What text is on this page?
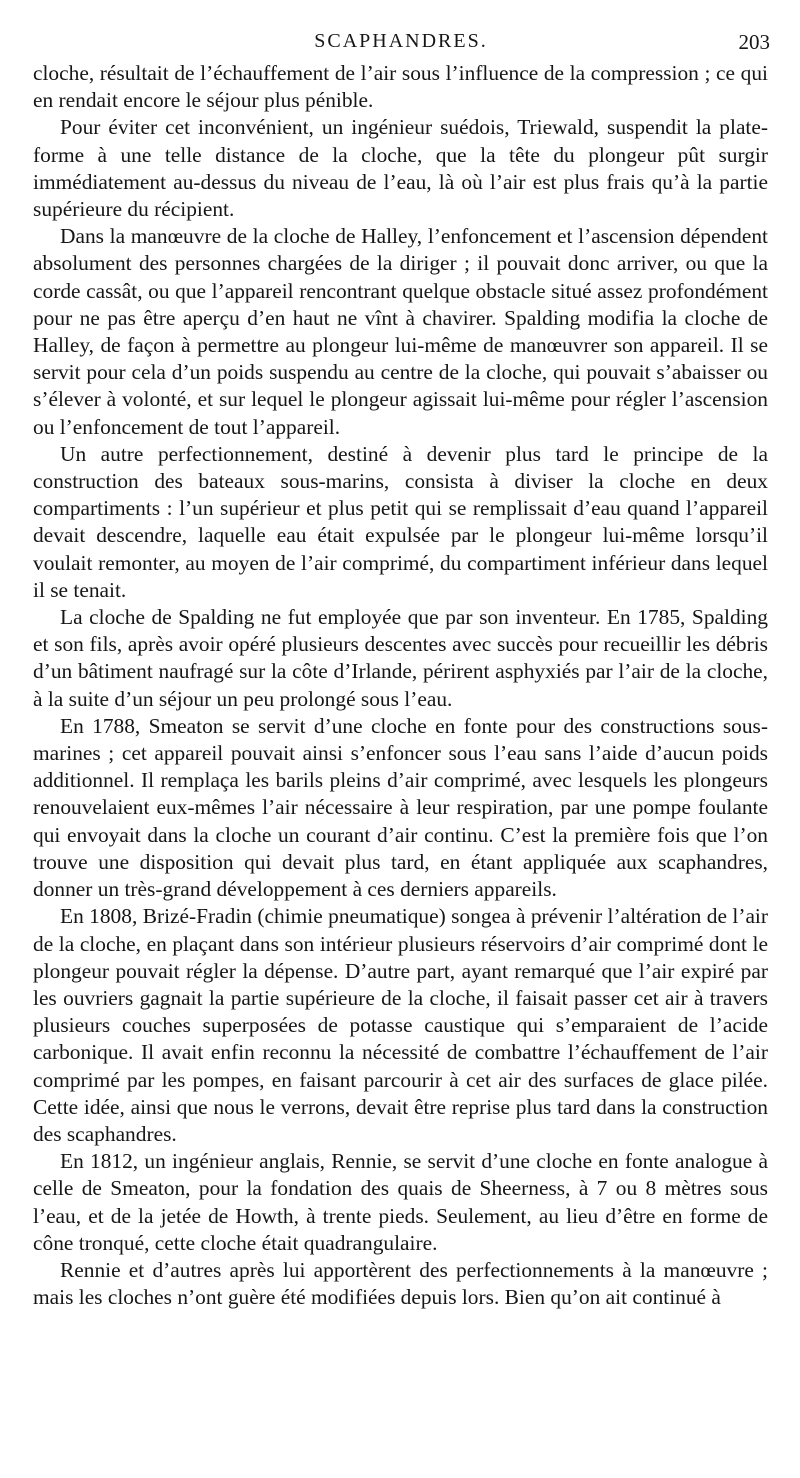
SCAPHANDRES.	203

cloche, résultait de l’échauffement de l’air sous l’influence de la compression ; ce qui en rendait encore le séjour plus pénible.

Pour éviter cet inconvénient, un ingénieur suédois, Triewald, suspendit la plate-forme à une telle distance de la cloche, que la tête du plongeur pût surgir immédiatement au-dessus du niveau de l’eau, là où l’air est plus frais qu’à la partie supérieure du récipient.

Dans la manœuvre de la cloche de Halley, l’enfoncement et l’ascension dépendent absolument des personnes chargées de la diriger ; il pouvait donc arriver, ou que la corde cassât, ou que l’appareil rencontrant quelque obstacle situé assez profondément pour ne pas être aperçu d’en haut ne vînt à chavirer. Spalding modifia la cloche de Halley, de façon à permettre au plongeur lui-même de manœuvrer son appareil. Il se servit pour cela d’un poids suspendu au centre de la cloche, qui pouvait s’abaisser ou s’élever à volonté, et sur lequel le plongeur agissait lui-même pour régler l’ascension ou l’enfoncement de tout l’appareil.

Un autre perfectionnement, destiné à devenir plus tard le principe de la construction des bateaux sous-marins, consista à diviser la cloche en deux compartiments : l’un supérieur et plus petit qui se remplissait d’eau quand l’appareil devait descendre, laquelle eau était expulsée par le plongeur lui-même lorsqu’il voulait remonter, au moyen de l’air comprimé, du compartiment inférieur dans lequel il se tenait.

La cloche de Spalding ne fut employée que par son inventeur. En 1785, Spalding et son fils, après avoir opéré plusieurs descentes avec succès pour recueillir les débris d’un bâtiment naufragé sur la côte d’Irlande, périrent asphyxiés par l’air de la cloche, à la suite d’un séjour un peu prolongé sous l’eau.

En 1788, Smeaton se servit d’une cloche en fonte pour des constructions sous-marines ; cet appareil pouvait ainsi s’enfoncer sous l’eau sans l’aide d’aucun poids additionnel. Il remplaça les barils pleins d’air comprimé, avec lesquels les plongeurs renouvelaient eux-mêmes l’air nécessaire à leur respiration, par une pompe foulante qui envoyait dans la cloche un courant d’air continu. C’est la première fois que l’on trouve une disposition qui devait plus tard, en étant appliquée aux scaphandres, donner un très-grand développement à ces derniers appareils.

En 1808, Brizé-Fradin (chimie pneumatique) songea à prévenir l’altération de l’air de la cloche, en plaçant dans son intérieur plusieurs réservoirs d’air comprimé dont le plongeur pouvait régler la dépense. D’autre part, ayant remarqué que l’air expiré par les ouvriers gagnait la partie supérieure de la cloche, il faisait passer cet air à travers plusieurs couches superposées de potasse caustique qui s’emparaient de l’acide carbonique. Il avait enfin reconnu la nécessité de combattre l’échauffement de l’air comprimé par les pompes, en faisant parcourir à cet air des surfaces de glace pilée. Cette idée, ainsi que nous le verrons, devait être reprise plus tard dans la construction des scaphandres.

En 1812, un ingénieur anglais, Rennie, se servit d’une cloche en fonte analogue à celle de Smeaton, pour la fondation des quais de Sheerness, à 7 ou 8 mètres sous l’eau, et de la jetée de Howth, à trente pieds. Seulement, au lieu d’être en forme de cône tronqué, cette cloche était quadrangulaire.

Rennie et d’autres après lui apportèrent des perfectionnements à la manœuvre ; mais les cloches n’ont guère été modifiées depuis lors. Bien qu’on ait continué à
